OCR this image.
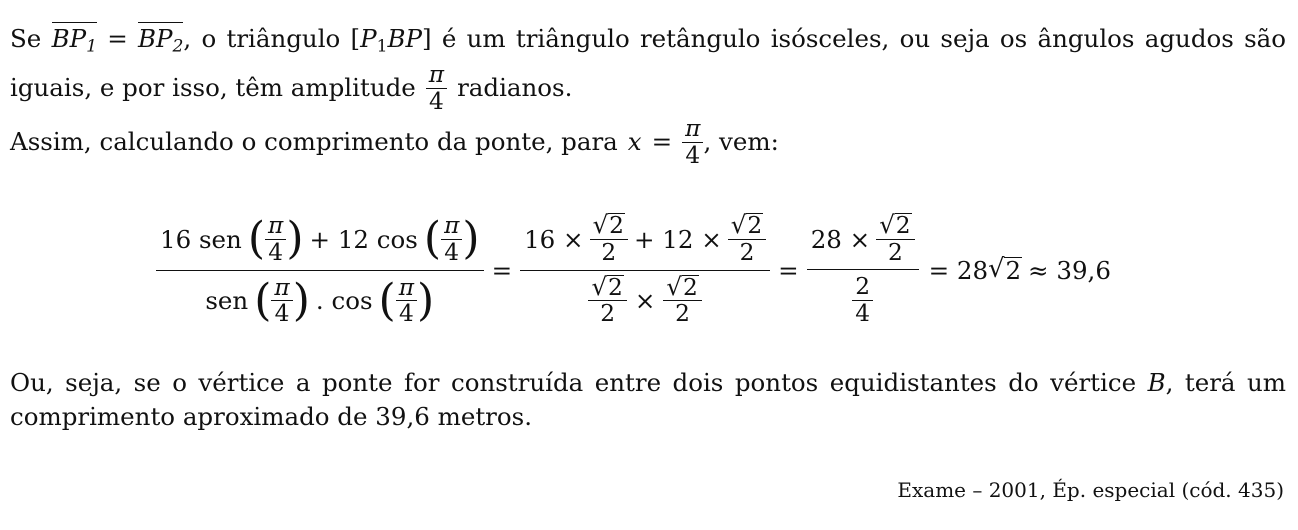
Se $BP_1 = BP_2$, o triângulo $[P_1BP]$ é um triângulo retângulo isósceles, ou seja os ângulos agudos são
iguais, e por isso, têm amplitude $\frac{\pi}{4}$ radianos.
Assim, calculando o comprimento da ponte, para $x = \frac{\pi}{4}$ , vem:
16 sen ( $\frac{\pi}{4}$ ) + 12 cos ( $\frac{\pi}{4}$ )
sen ( $\frac{\pi}{4}$ ) . cos ( $\frac{\pi}{4}$ )
=
$16 \times \frac{√ 2}{2} + 12 \times \frac{√ 2}{2}$
$\frac{√ 2}{2} \times \frac{√ 2}{2}$
= $\frac{28 \times \frac{√ 2}{2}}{\frac{2}{4}} = 28$ √ 2 ≈ 39,6
Ou, seja, se o vértice a ponte for construída entre dois pontos equidistantes do vértice B, terá um
comprimento aproximado de 39,6 metros.
Exame – 2001, Ép. especial (cód. 435)
